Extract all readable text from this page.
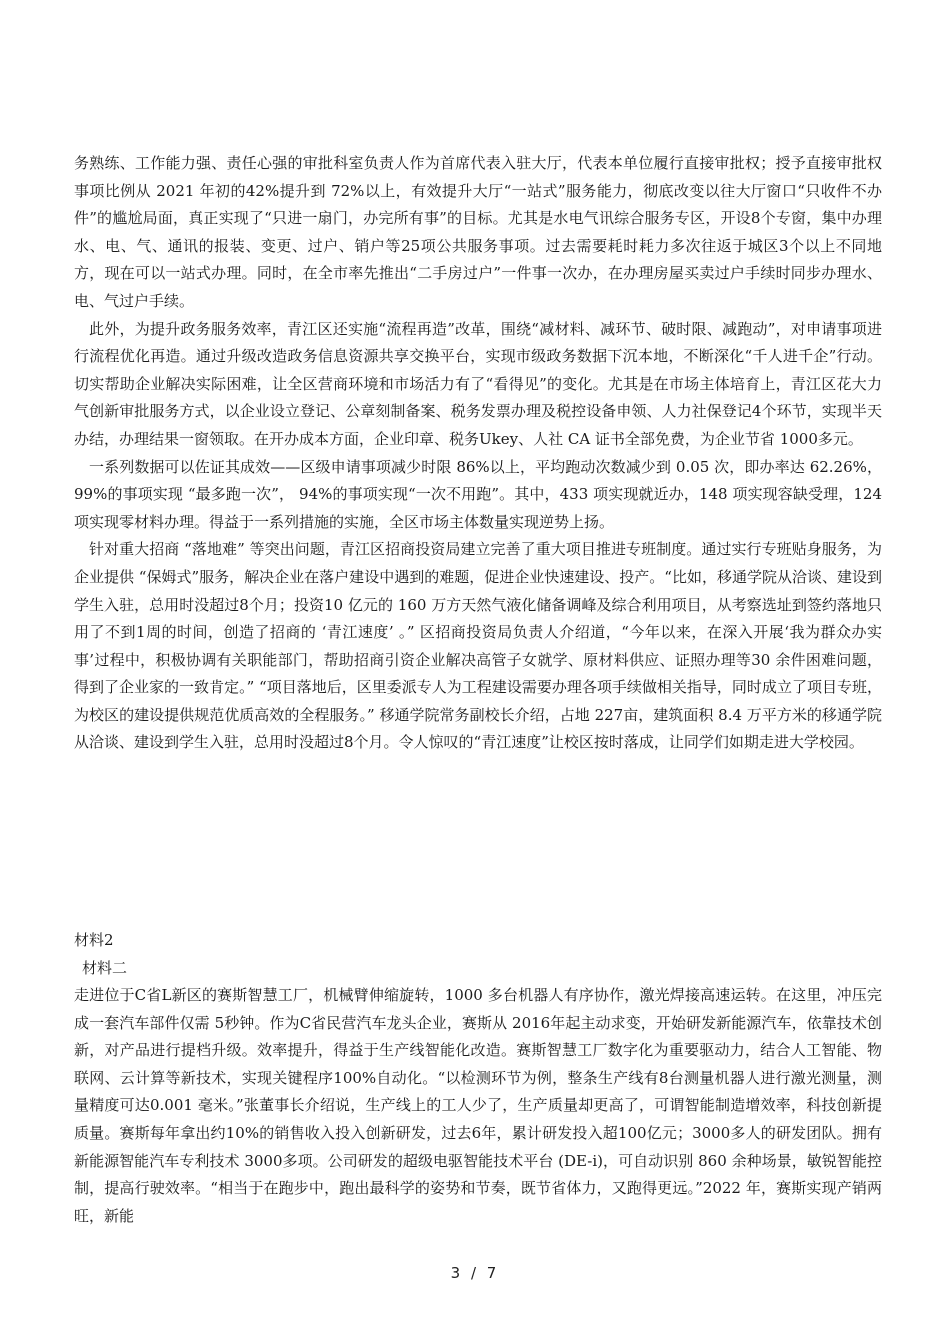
务熟练、工作能力强、责任心强的审批科室负责人作为首席代表入驻大厅，代表本单位履行直接审批权；授予直接审批权事项比例从 2021 年初的42%提升到 72%以上，有效提升大厅“一站式”服务能力，彻底改变以往大厅窗口“只收件不办件”的尴尬局面，真正实现了“只进一扇门，办完所有事”的目标。尤其是水电气讯综合服务专区，开设8个专窗，集中办理水、电、气、通讯的报装、变更、过户、销户等25项公共服务事项。过去需要耗时耗力多次往返于城区3个以上不同地方，现在可以一站式办理。同时，在全市率先推出“二手房过户”一件事一次办，在办理房屋买卖过户手续时同步办理水、电、气过户手续。

此外，为提升政务服务效率，青江区还实施“流程再造”改革，围绕“减材料、减环节、破时限、减跑动”，对申请事项进行流程优化再造。通过升级改造政务信息资源共享交换平台，实现市级政务数据下沉本地，不断深化“千人进千企”行动。切实帮助企业解决实际困难，让全区营商环境和市场活力有了“看得见”的变化。尤其是在市场主体培育上，青江区花大力气创新审批服务方式，以企业设立登记、公章刻制备案、税务发票办理及税控设备申领、人力社保登记4个环节，实现半天办结，办理结果一窗领取。在开办成本方面，企业印章、税务Ukey、人社 CA 证书全部免费，为企业节省 1000多元。

一系列数据可以佐证其成效——区级申请事项减少时限 86%以上，平均跑动次数减少到 0.05 次，即办率达 62.26%，99%的事项实现 “最多跑一次”， 94%的事项实现“一次不用跑”。其中，433 项实现就近办，148 项实现容缺受理，124 项实现零材料办理。得益于一系列措施的实施，全区市场主体数量实现逆势上扬。

针对重大招商 “落地难” 等突出问题，青江区招商投资局建立完善了重大项目推进专班制度。通过实行专班贴身服务，为企业提供 “保姆式”服务，解决企业在落户建设中遇到的难题，促进企业快速建设、投产。“比如，移通学院从洽谈、建设到学生入驻，总用时没超过8个月；投资10 亿元的 160 万方天然气液化储备调峰及综合利用项目，从考察选址到签约落地只用了不到1周的时间，创造了招商的 ‘青江速度’ 。” 区招商投资局负责人介绍道，“今年以来，在深入开展‘我为群众办实事’过程中，积极协调有关职能部门，帮助招商引资企业解决高管子女就学、原材料供应、证照办理等30 余件困难问题，得到了企业家的一致肯定。” “项目落地后，区里委派专人为工程建设需要办理各项手续做相关指导，同时成立了项目专班，为校区的建设提供规范优质高效的全程服务。” 移通学院常务副校长介绍，占地 227亩，建筑面积 8.4 万平方米的移通学院从洽谈、建设到学生入驻，总用时没超过8个月。令人惊叹的“青江速度”让校区按时落成，让同学们如期走进大学校园。

材料2

材料二

走进位于C省L新区的赛斯智慧工厂，机械臂伸缩旋转，1000 多台机器人有序协作，激光焊接高速运转。在这里，冲压完成一套汽车部件仅需 5秒钟。作为C省民营汽车龙头企业，赛斯从 2016年起主动求变，开始研发新能源汽车，依靠技术创新，对产品进行提档升级。效率提升，得益于生产线智能化改造。赛斯智慧工厂数字化为重要驱动力，结合人工智能、物联网、云计算等新技术，实现关键程序100%自动化。“以检测环节为例，整条生产线有8台测量机器人进行激光测量，测量精度可达0.001 毫米。”张董事长介绍说，生产线上的工人少了，生产质量却更高了，可谓智能制造增效率，科技创新提质量。赛斯每年拿出约10%的销售收入投入创新研发，过去6年，累计研发投入超100亿元；3000多人的研发团队。拥有新能源智能汽车专利技术 3000多项。公司研发的超级电驱智能技术平台 (DE-i)，可自动识别 860 余种场景，敏锐智能控制，提高行驶效率。“相当于在跑步中，跑出最科学的姿势和节奏，既节省体力，又跑得更远。”2022 年，赛斯实现产销两旺，新能

3 / 7
